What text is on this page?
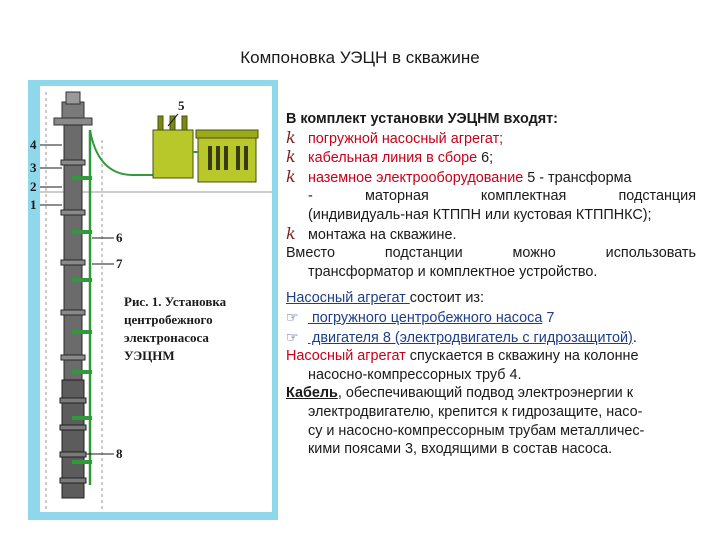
Компоновка УЭЦН в скважине
4
3
2
1
5
6
7
8
Рис. 1. Установка
центробежного
электронасоса
УЭЦНМ

В комплект установки УЭЦНМ входят:

k погружной насосный агрегат;

k кабельная линия в сборе 6;

k наземное электрооборудование 5 - трансформа

- маторная комплектная подстанция

(индивидуаль-ная КТППН или кустовая КТППНКС);

k монтажа на скважине.

Вместо подстанции можно использовать

трансформатор и комплектное устройство.

Насосный агрегат состоит из:

☞ погружного центробежного насоса 7

☞ двигателя 8 (электродвигатель с гидрозащитой).

Насосный агрегат спускается в скважину на колонне

насосно-компрессорных труб 4.

Кабель, обеспечивающий подвод электроэнергии к

электродвигателю, крепится к гидрозащите, насо-

су и насосно-компрессорным трубам металличес-

кими поясами 3, входящими в состав насоса.
